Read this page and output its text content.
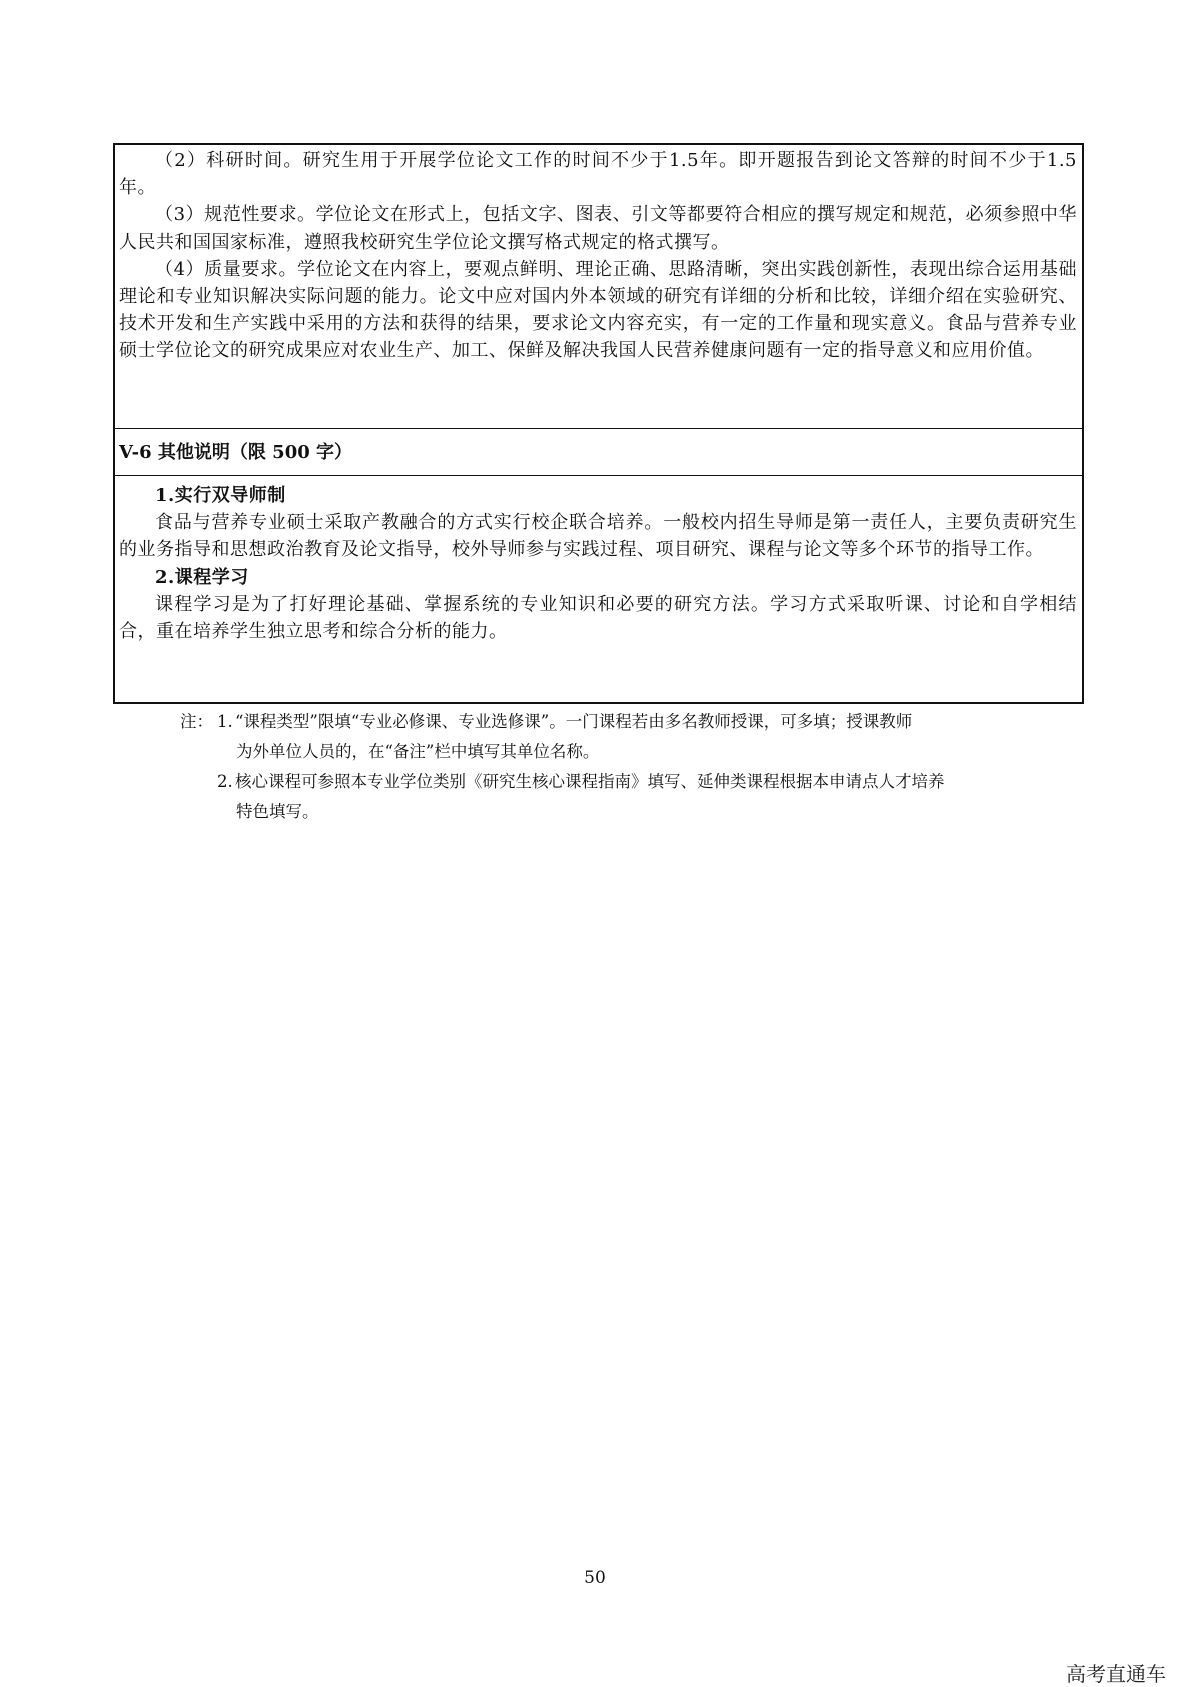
（2）科研时间。研究生用于开展学位论文工作的时间不少于1.5年。即开题报告到论文答辩的时间不少于1.5年。

（3）规范性要求。学位论文在形式上，包括文字、图表、引文等都要符合相应的撰写规定和规范，必须参照中华人民共和国国家标准，遵照我校研究生学位论文撰写格式规定的格式撰写。

（4）质量要求。学位论文在内容上，要观点鲜明、理论正确、思路清晰，突出实践创新性，表现出综合运用基础理论和专业知识解决实际问题的能力。论文中应对国内外本领域的研究有详细的分析和比较，详细介绍在实验研究、技术开发和生产实践中采用的方法和获得的结果，要求论文内容充实，有一定的工作量和现实意义。食品与营养专业硕士学位论文的研究成果应对农业生产、加工、保鲜及解决我国人民营养健康问题有一定的指导意义和应用价值。

V-6 其他说明（限 500 字）

1.实行双导师制

食品与营养专业硕士采取产教融合的方式实行校企联合培养。一般校内招生导师是第一责任人，主要负责研究生的业务指导和思想政治教育及论文指导，校外导师参与实践过程、项目研究、课程与论文等多个环节的指导工作。

2.课程学习

课程学习是为了打好理论基础、掌握系统的专业知识和必要的研究方法。学习方式采取听课、讨论和自学相结合，重在培养学生独立思考和综合分析的能力。

注： 1. “课程类型”限填“专业必修课、专业选修课”。一门课程若由多名教师授课，可多填；授课教师
为外单位人员的，在“备注”栏中填写其单位名称。
2. 核心课程可参照本专业学位类别《研究生核心课程指南》填写、延伸类课程根据本申请点人才培养
特色填写。
50
高考直通车
